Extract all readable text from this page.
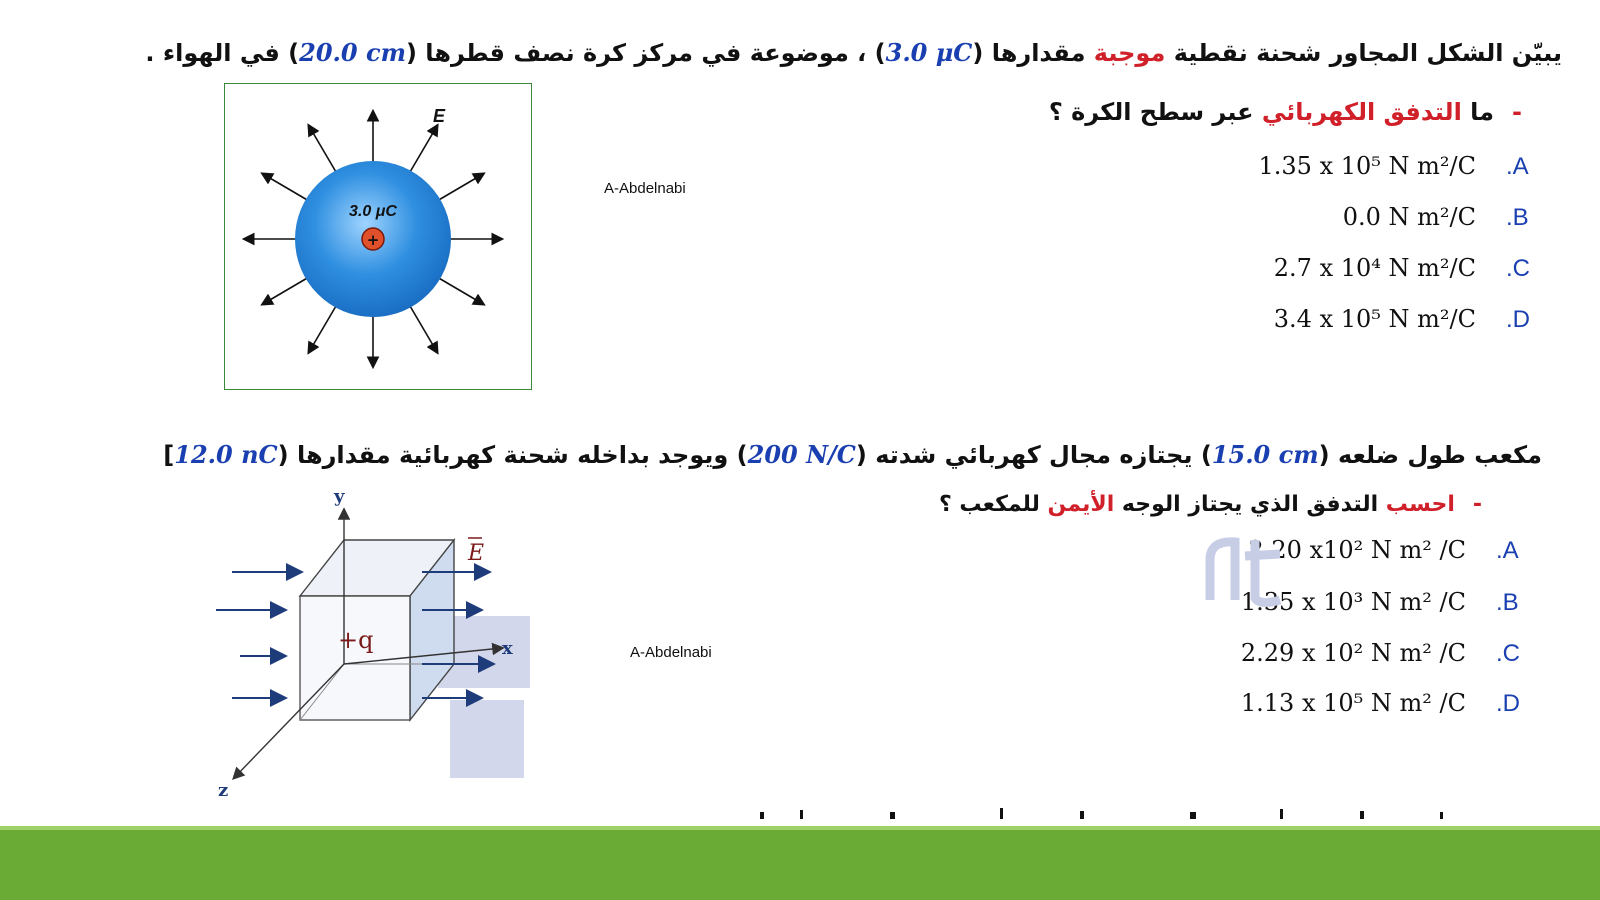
يبيّن الشكل المجاور شحنة نقطية موجبة مقدارها (3.0 μC) ، موضوعة في مركز كرة نصف قطرها (20.0 cm) في الهواء .
-ما التدفق الكهربائي عبر سطح الكرة ؟
1.35 x 10⁵ N m²/C .A
0.0 N m²/C .B
2.7 x 10⁴ N m²/C .C
3.4 x 10⁵ N m²/C .D
A-Abdelnabi
E
3.0 μC
+
مكعب طول ضلعه (15.0 cm) يجتازه مجال كهربائي شدته (200 N/C) ويوجد بداخله شحنة كهربائية مقدارها (12.0 nC]
-احسب التدفق الذي يجتاز الوجه الأيمن للمكعب ؟
2.20 x10² N m² /C .A
1.35 x 10³ N m² /C .B
2.29 x 10² N m² /C .C
1.13 x 10⁵ N m² /C .D
A-Abdelnabi
y
x
z
E
+q
